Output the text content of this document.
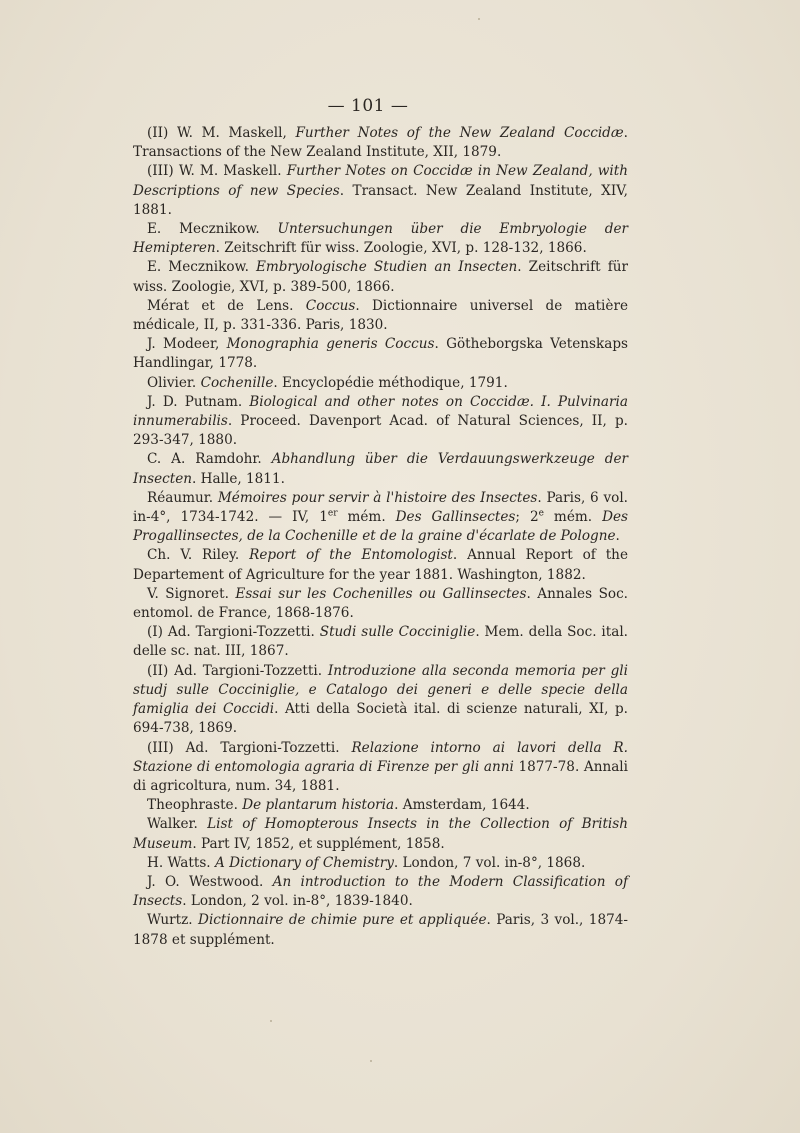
— 101 —

(II) W. M. Maskell, Further Notes of the New Zealand Coccidæ. Transactions of the New Zealand Institute, XII, 1879.

(III) W. M. Maskell. Further Notes on Coccidæ in New Zealand, with Descriptions of new Species. Transact. New Zealand Institute, XIV, 1881.

E. Mecznikow. Untersuchungen über die Embryologie der Hemipteren. Zeitschrift für wiss. Zoologie, XVI, p. 128-132, 1866.

E. Mecznikow. Embryologische Studien an Insecten. Zeitschrift für wiss. Zoologie, XVI, p. 389-500, 1866.

Mérat et de Lens. Coccus. Dictionnaire universel de matière médicale, II, p. 331-336. Paris, 1830.

J. Modeer, Monographia generis Coccus. Götheborgska Vetenskaps Handlingar, 1778.

Olivier. Cochenille. Encyclopédie méthodique, 1791.

J. D. Putnam. Biological and other notes on Coccidæ. I. Pulvinaria innumerabilis. Proceed. Davenport Acad. of Natural Sciences, II, p. 293-347, 1880.

C. A. Ramdohr. Abhandlung über die Verdauungswerkzeuge der Insecten. Halle, 1811.

Réaumur. Mémoires pour servir à l'histoire des Insectes. Paris, 6 vol. in-4°, 1734-1742. — IV, 1er mém. Des Gallinsectes; 2e mém. Des Progallinsectes, de la Cochenille et de la graine d'écarlate de Pologne.

Ch. V. Riley. Report of the Entomologist. Annual Report of the Departement of Agriculture for the year 1881. Washington, 1882.

V. Signoret. Essai sur les Cochenilles ou Gallinsectes. Annales Soc. entomol. de France, 1868-1876.

(I) Ad. Targioni-Tozzetti. Studi sulle Cocciniglie. Mem. della Soc. ital. delle sc. nat. III, 1867.

(II) Ad. Targioni-Tozzetti. Introduzione alla seconda memoria per gli studj sulle Cocciniglie, e Catalogo dei generi e delle specie della famiglia dei Coccidi. Atti della Società ital. di scienze naturali, XI, p. 694-738, 1869.

(III) Ad. Targioni-Tozzetti. Relazione intorno ai lavori della R. Stazione di entomologia agraria di Firenze per gli anni 1877-78. Annali di agricoltura, num. 34, 1881.

Theophraste. De plantarum historia. Amsterdam, 1644.

Walker. List of Homopterous Insects in the Collection of British Museum. Part IV, 1852, et supplément, 1858.

H. Watts. A Dictionary of Chemistry. London, 7 vol. in-8°, 1868.

J. O. Westwood. An introduction to the Modern Classification of Insects. London, 2 vol. in-8°, 1839-1840.

Wurtz. Dictionnaire de chimie pure et appliquée. Paris, 3 vol., 1874-1878 et supplément.
